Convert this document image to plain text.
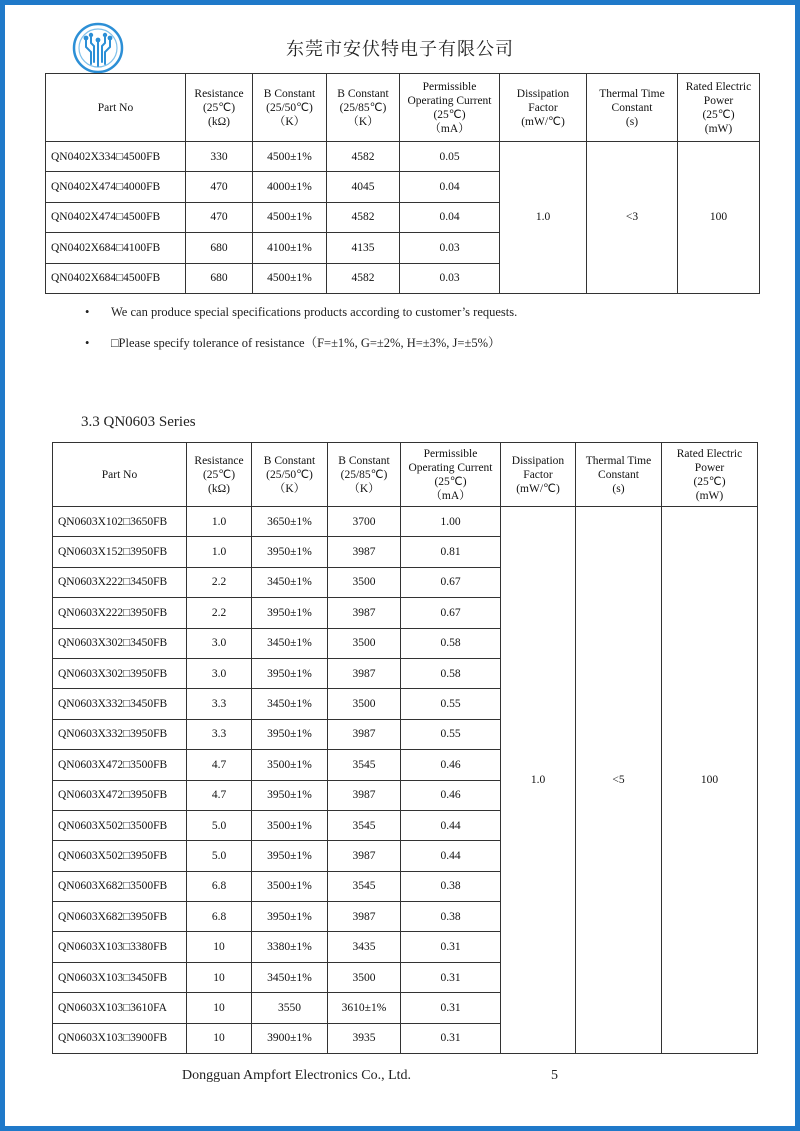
东莞市安伏特电子有限公司
Part No	Resistance
(25℃)
(kΩ)	B Constant
(25/50℃)
（K）	B Constant
(25/85℃)
（K）	Permissible
Operating Current
(25℃)
（mA）	Dissipation
Factor
(mW/℃)	Thermal Time
Constant
(s)	Rated Electric
Power
(25℃)
(mW)
QN0402X334□4500FB	330	4500±1%	4582	0.05	1.0	<3	100
QN0402X474□4000FB	470	4000±1%	4045	0.04			
QN0402X474□4500FB	470	4500±1%	4582	0.04			
QN0402X684□4100FB	680	4100±1%	4135	0.03			
QN0402X684□4500FB	680	4500±1%	4582	0.03			
• We can produce special specifications products according to customer’s requests.
• □Please specify tolerance of resistance（F=±1%, G=±2%, H=±3%, J=±5%）
3.3 QN0603 Series
Part No	Resistance
(25℃)
(kΩ)	B Constant
(25/50℃)
（K）	B Constant
(25/85℃)
（K）	Permissible
Operating Current
(25℃)
（mA）	Dissipation
Factor
(mW/℃)	Thermal Time
Constant
(s)	Rated Electric
Power
(25℃)
(mW)
QN0603X102□3650FB	1.0	3650±1%	3700	1.00	1.0	<5	100
QN0603X152□3950FB	1.0	3950±1%	3987	0.81			
QN0603X222□3450FB	2.2	3450±1%	3500	0.67			
QN0603X222□3950FB	2.2	3950±1%	3987	0.67			
QN0603X302□3450FB	3.0	3450±1%	3500	0.58			
QN0603X302□3950FB	3.0	3950±1%	3987	0.58			
QN0603X332□3450FB	3.3	3450±1%	3500	0.55			
QN0603X332□3950FB	3.3	3950±1%	3987	0.55			
QN0603X472□3500FB	4.7	3500±1%	3545	0.46			
QN0603X472□3950FB	4.7	3950±1%	3987	0.46			
QN0603X502□3500FB	5.0	3500±1%	3545	0.44			
QN0603X502□3950FB	5.0	3950±1%	3987	0.44			
QN0603X682□3500FB	6.8	3500±1%	3545	0.38			
QN0603X682□3950FB	6.8	3950±1%	3987	0.38			
QN0603X103□3380FB	10	3380±1%	3435	0.31			
QN0603X103□3450FB	10	3450±1%	3500	0.31			
QN0603X103□3610FA	10	3550	3610±1%	0.31			
QN0603X103□3900FB	10	3900±1%	3935	0.31			
Dongguan Ampfort Electronics Co., Ltd.	5
